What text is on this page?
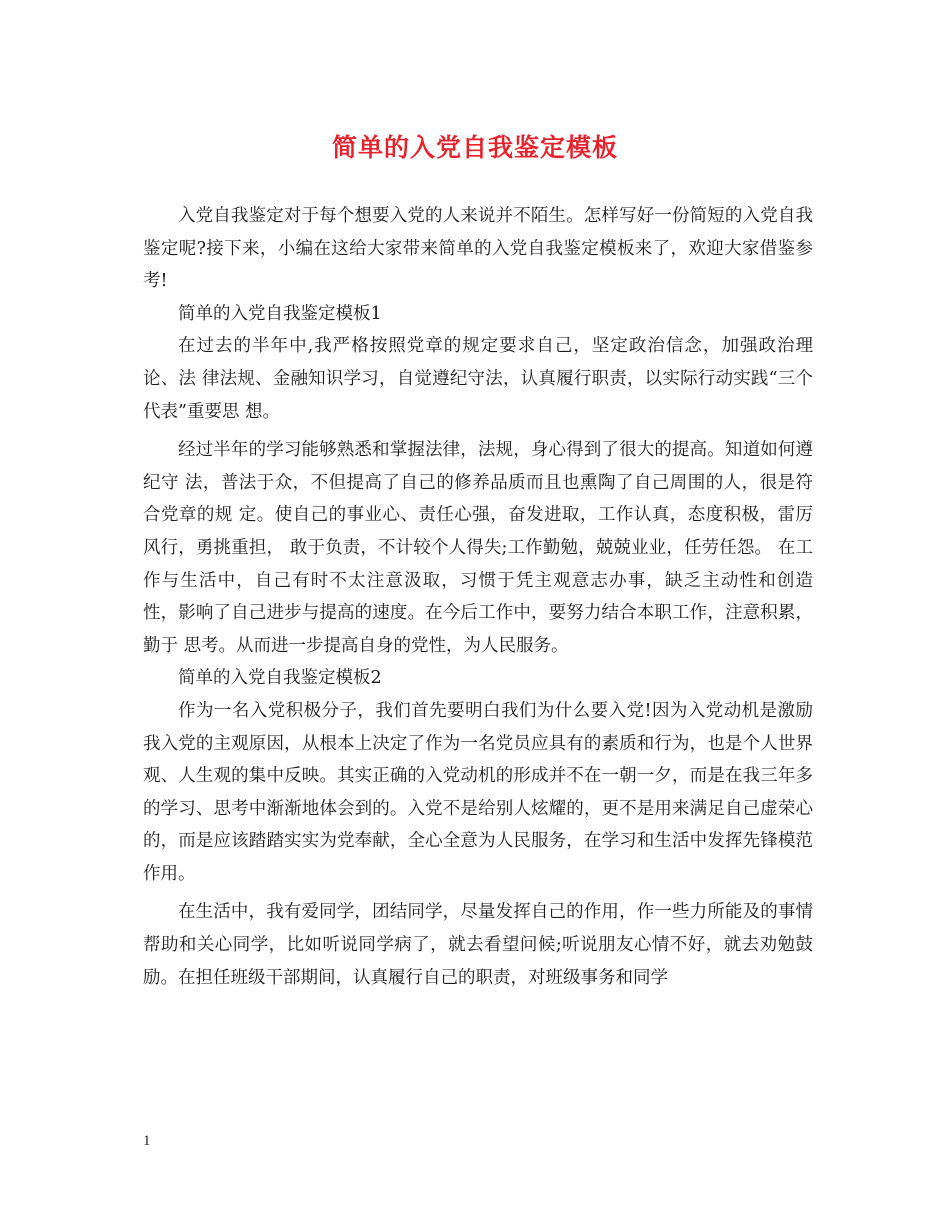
简单的入党自我鉴定模板

入党自我鉴定对于每个想要入党的人来说并不陌生。怎样写好一份简短的入党自我鉴定呢?接下来，小编在这给大家带来简单的入党自我鉴定模板来了，欢迎大家借鉴参考!

简单的入党自我鉴定模板1

在过去的半年中,我严格按照党章的规定要求自己，坚定政治信念，加强政治理论、法 律法规、金融知识学习，自觉遵纪守法，认真履行职责，以实际行动实践“三个代表”重要思 想。

经过半年的学习能够熟悉和掌握法律，法规，身心得到了很大的提高。知道如何遵纪守 法，普法于众，不但提高了自己的修养品质而且也熏陶了自己周围的人，很是符合党章的规 定。使自己的事业心、责任心强，奋发进取，工作认真，态度积极，雷厉风行，勇挑重担， 敢于负责，不计较个人得失;工作勤勉，兢兢业业，任劳任怨。 在工作与生活中，自己有时不太注意汲取，习惯于凭主观意志办事，缺乏主动性和创造 性，影响了自己进步与提高的速度。在今后工作中，要努力结合本职工作，注意积累，勤于 思考。从而进一步提高自身的党性，为人民服务。

简单的入党自我鉴定模板2

作为一名入党积极分子，我们首先要明白我们为什么要入党!因为入党动机是激励我入党的主观原因，从根本上决定了作为一名党员应具有的素质和行为，也是个人世界观、人生观的集中反映。其实正确的入党动机的形成并不在一朝一夕，而是在我三年多的学习、思考中渐渐地体会到的。入党不是给别人炫耀的，更不是用来满足自己虚荣心的，而是应该踏踏实实为党奉献，全心全意为人民服务，在学习和生活中发挥先锋模范作用。

在生活中，我有爱同学，团结同学，尽量发挥自己的作用，作一些力所能及的事情帮助和关心同学，比如听说同学病了，就去看望问候;听说朋友心情不好，就去劝勉鼓励。在担任班级干部期间，认真履行自己的职责，对班级事务和同学

1
